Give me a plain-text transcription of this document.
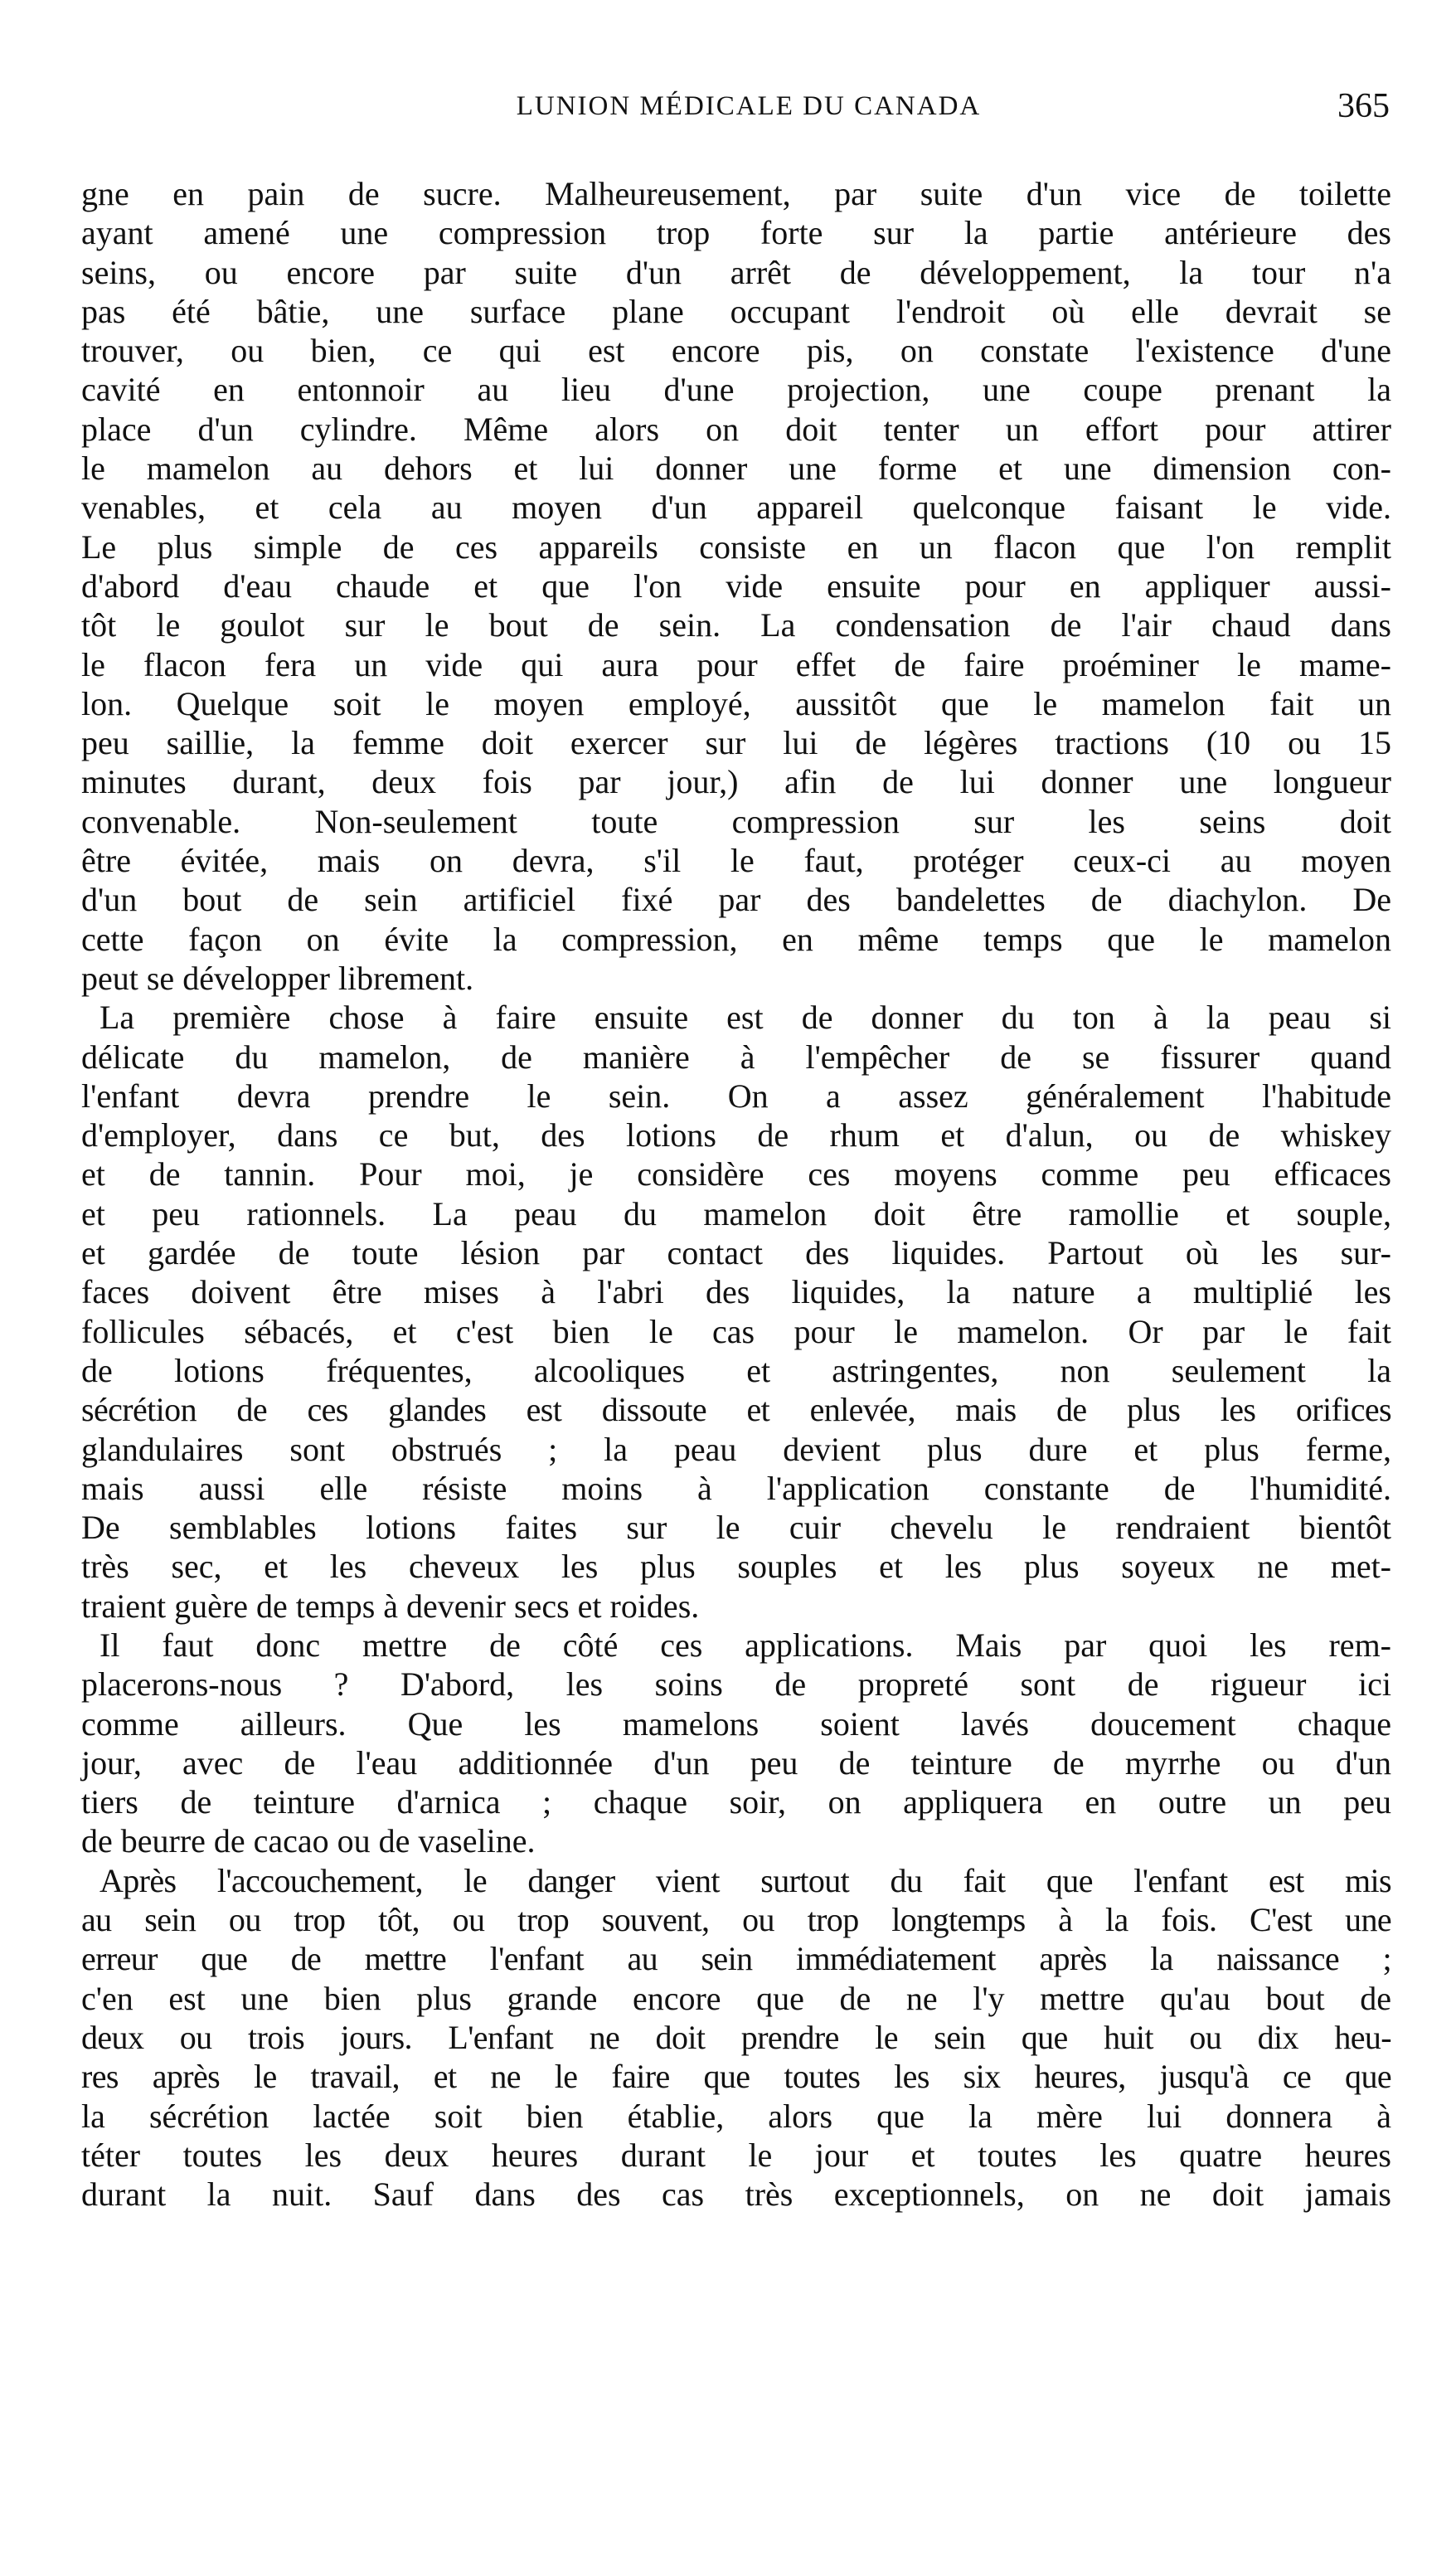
LUNION MÉDICALE DU CANADA	365
gne en pain de sucre. Malheureusement, par suite d'un vice de toilette
ayant amené une compression trop forte sur la partie antérieure des
seins, ou encore par suite d'un arrêt de développement, la tour n'a
pas été bâtie, une surface plane occupant l'endroit où elle devrait se
trouver, ou bien, ce qui est encore pis, on constate l'existence d'une
cavité en entonnoir au lieu d'une projection, une coupe prenant la
place d'un cylindre. Même alors on doit tenter un effort pour attirer
le mamelon au dehors et lui donner une forme et une dimension con-
venables, et cela au moyen d'un appareil quelconque faisant le vide.
Le plus simple de ces appareils consiste en un flacon que l'on remplit
d'abord d'eau chaude et que l'on vide ensuite pour en appliquer aussi-
tôt le goulot sur le bout de sein. La condensation de l'air chaud dans
le flacon fera un vide qui aura pour effet de faire proéminer le mame-
lon. Quelque soit le moyen employé, aussitôt que le mamelon fait un
peu saillie, la femme doit exercer sur lui de légères tractions (10 ou 15
minutes durant, deux fois par jour,) afin de lui donner une longueur
convenable. Non-seulement toute compression sur les seins doit
être évitée, mais on devra, s'il le faut, protéger ceux-ci au moyen
d'un bout de sein artificiel fixé par des bandelettes de diachylon. De
cette façon on évite la compression, en même temps que le mamelon
peut se développer librement.
La première chose à faire ensuite est de donner du ton à la peau si
délicate du mamelon, de manière à l'empêcher de se fissurer quand
l'enfant devra prendre le sein. On a assez généralement l'habitude
d'employer, dans ce but, des lotions de rhum et d'alun, ou de whiskey
et de tannin. Pour moi, je considère ces moyens comme peu efficaces
et peu rationnels. La peau du mamelon doit être ramollie et souple,
et gardée de toute lésion par contact des liquides. Partout où les sur-
faces doivent être mises à l'abri des liquides, la nature a multiplié les
follicules sébacés, et c'est bien le cas pour le mamelon. Or par le fait
de lotions fréquentes, alcooliques et astringentes, non seulement la
sécrétion de ces glandes est dissoute et enlevée, mais de plus les orifices
glandulaires sont obstrués ; la peau devient plus dure et plus ferme,
mais aussi elle résiste moins à l'application constante de l'humidité.
De semblables lotions faites sur le cuir chevelu le rendraient bientôt
très sec, et les cheveux les plus souples et les plus soyeux ne met-
traient guère de temps à devenir secs et roides.
Il faut donc mettre de côté ces applications. Mais par quoi les rem-
placerons-nous ? D'abord, les soins de propreté sont de rigueur ici
comme ailleurs. Que les mamelons soient lavés doucement chaque
jour, avec de l'eau additionnée d'un peu de teinture de myrrhe ou d'un
tiers de teinture d'arnica ; chaque soir, on appliquera en outre un peu
de beurre de cacao ou de vaseline.
Après l'accouchement, le danger vient surtout du fait que l'enfant est mis
au sein ou trop tôt, ou trop souvent, ou trop longtemps à la fois. C'est une
erreur que de mettre l'enfant au sein immédiatement après la naissance ;
c'en est une bien plus grande encore que de ne l'y mettre qu'au bout de
deux ou trois jours. L'enfant ne doit prendre le sein que huit ou dix heu-
res après le travail, et ne le faire que toutes les six heures, jusqu'à ce que
la sécrétion lactée soit bien établie, alors que la mère lui donnera à
téter toutes les deux heures durant le jour et toutes les quatre heures
durant la nuit. Sauf dans des cas très exceptionnels, on ne doit jamais
